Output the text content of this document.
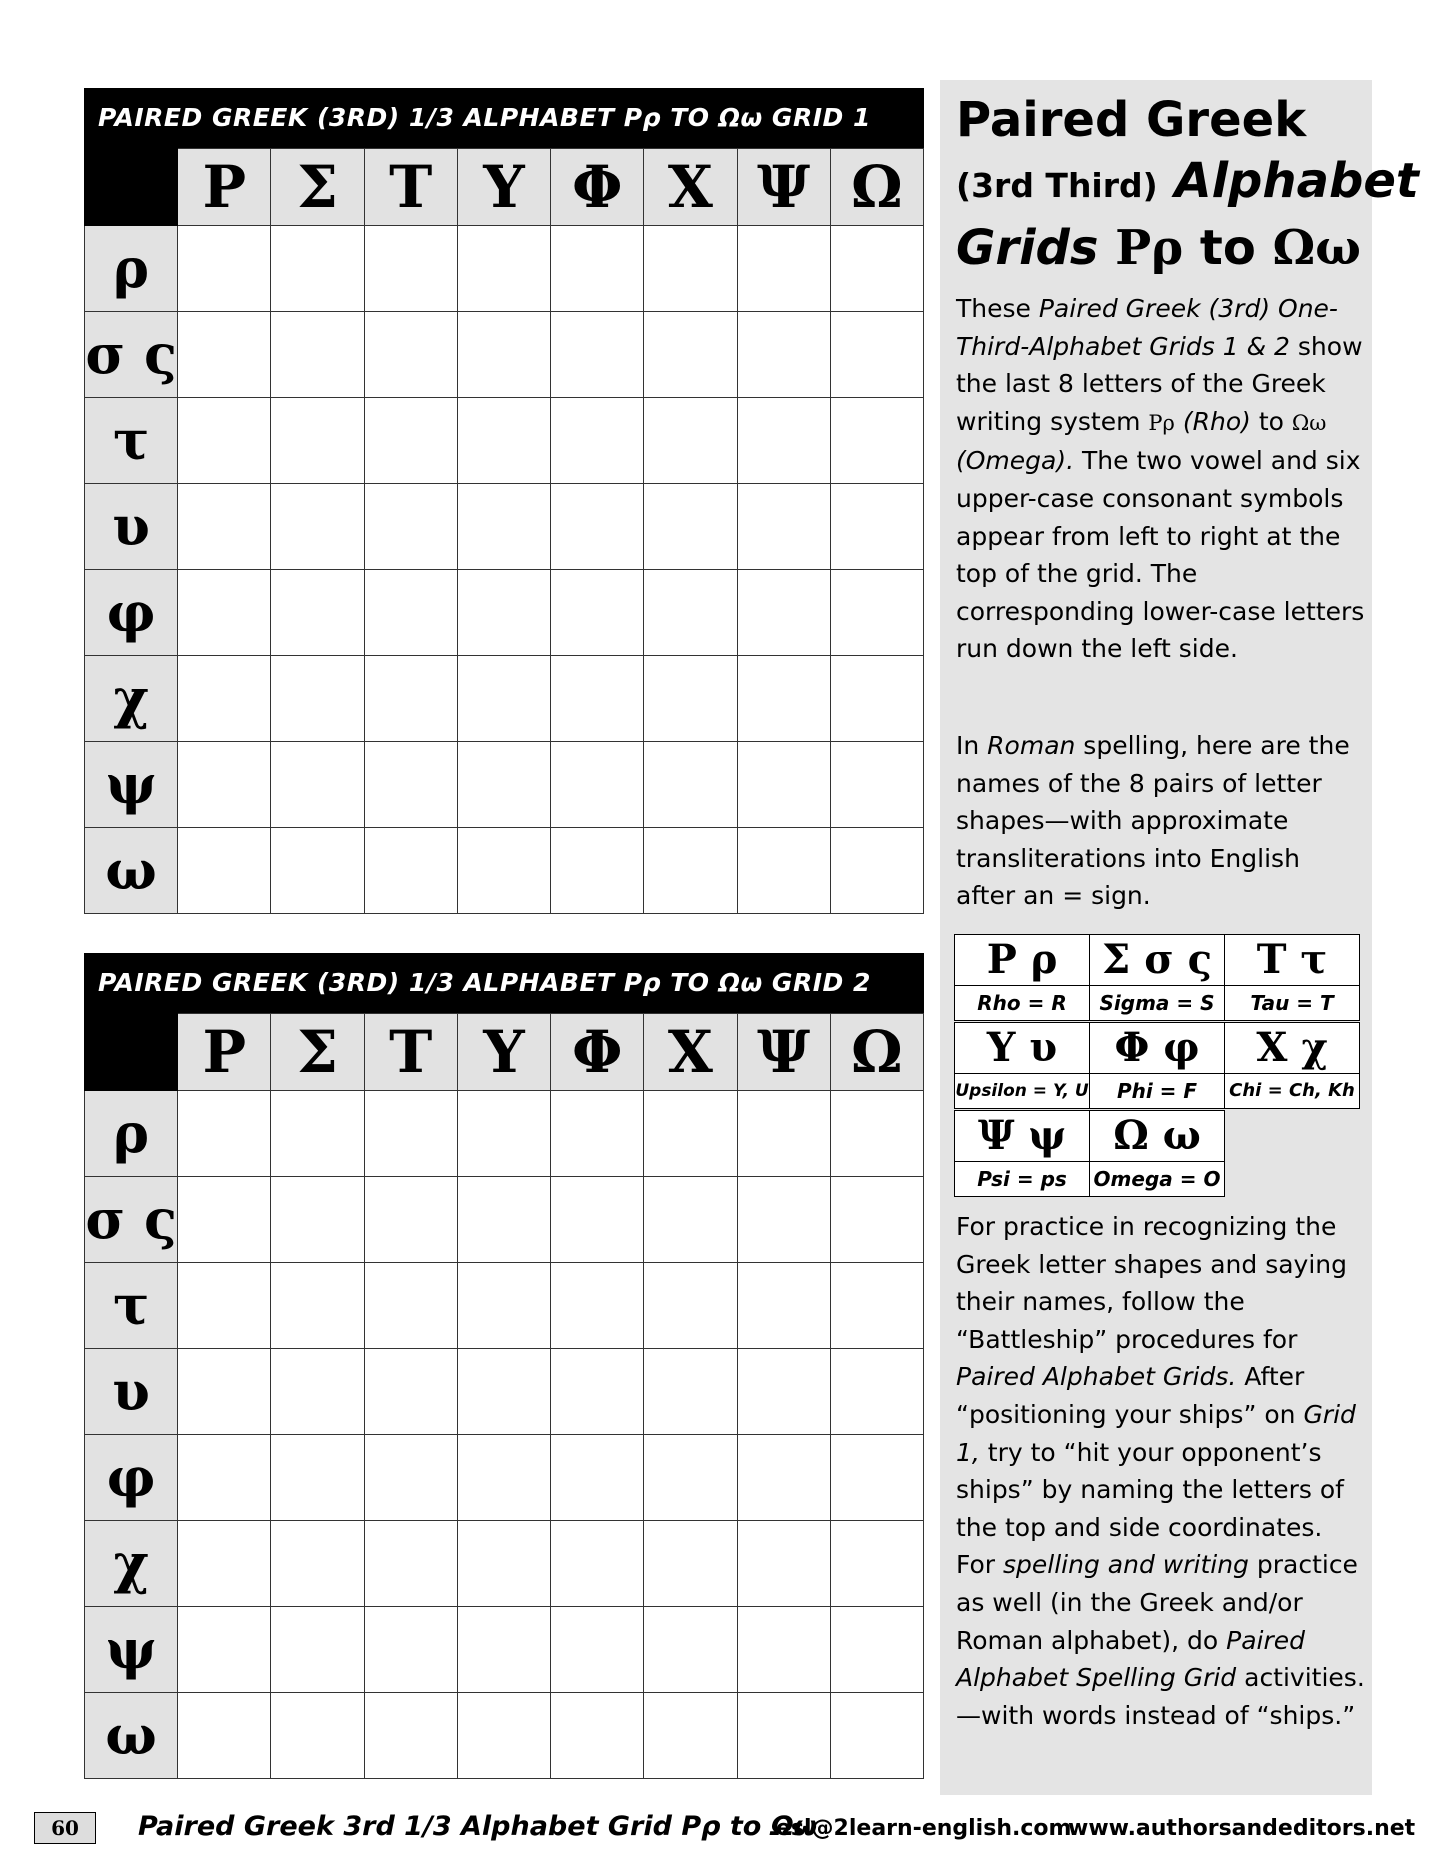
PAIRED GREEK (3RD) 1/3 ALPHABET Ρρ TO Ωω GRID 1
	Ρ	Σ	Τ	Υ	Φ	Χ	Ψ	Ω
ρ								
σ ς								
τ								
υ								
φ								
χ								
ψ								
ω								
PAIRED GREEK (3RD) 1/3 ALPHABET Ρρ TO Ωω GRID 2
	Ρ	Σ	Τ	Υ	Φ	Χ	Ψ	Ω
ρ								
σ ς								
τ								
υ								
φ								
χ								
ψ								
ω								
Paired Greek
(3rd Third) Alphabet
Grids Ρρ to Ωω
These Paired Greek (3rd) One-Third-Alphabet Grids 1 & 2 show the last 8 letters of the Greek writing system Ρρ (Rho) to Ωω (Omega). The two vowel and six upper-case consonant symbols appear from left to right at the top of the grid. The corresponding lower-case letters run down the left side.
In Roman spelling, here are the names of the 8 pairs of letter shapes—with approximate transliterations into English after an = sign.
For practice in recognizing the Greek letter shapes and saying their names, follow the “Battleship” procedures for Paired Alphabet Grids. After “positioning your ships” on Grid 1, try to “hit your opponent’s ships” by naming the letters of the top and side coordinates. For spelling and writing practice as well (in the Greek and/or Roman alphabet), do Paired Alphabet Spelling Grid activities.—with words instead of “ships.”
Ρ ρ
Rho = R
Σ σ ς
Sigma = S
Τ τ
Tau = T
Υ υ
Upsilon = Y, U
Φ φ
Phi = F
Χ χ
Chi = Ch, Kh
Ψ ψ
Psi = ps
Ω ω
Omega = O
60	Paired Greek 3rd 1/3 Alphabet Grid Ρρ to Ωω
esl@2learn-english.com
www.authorsandeditors.net
